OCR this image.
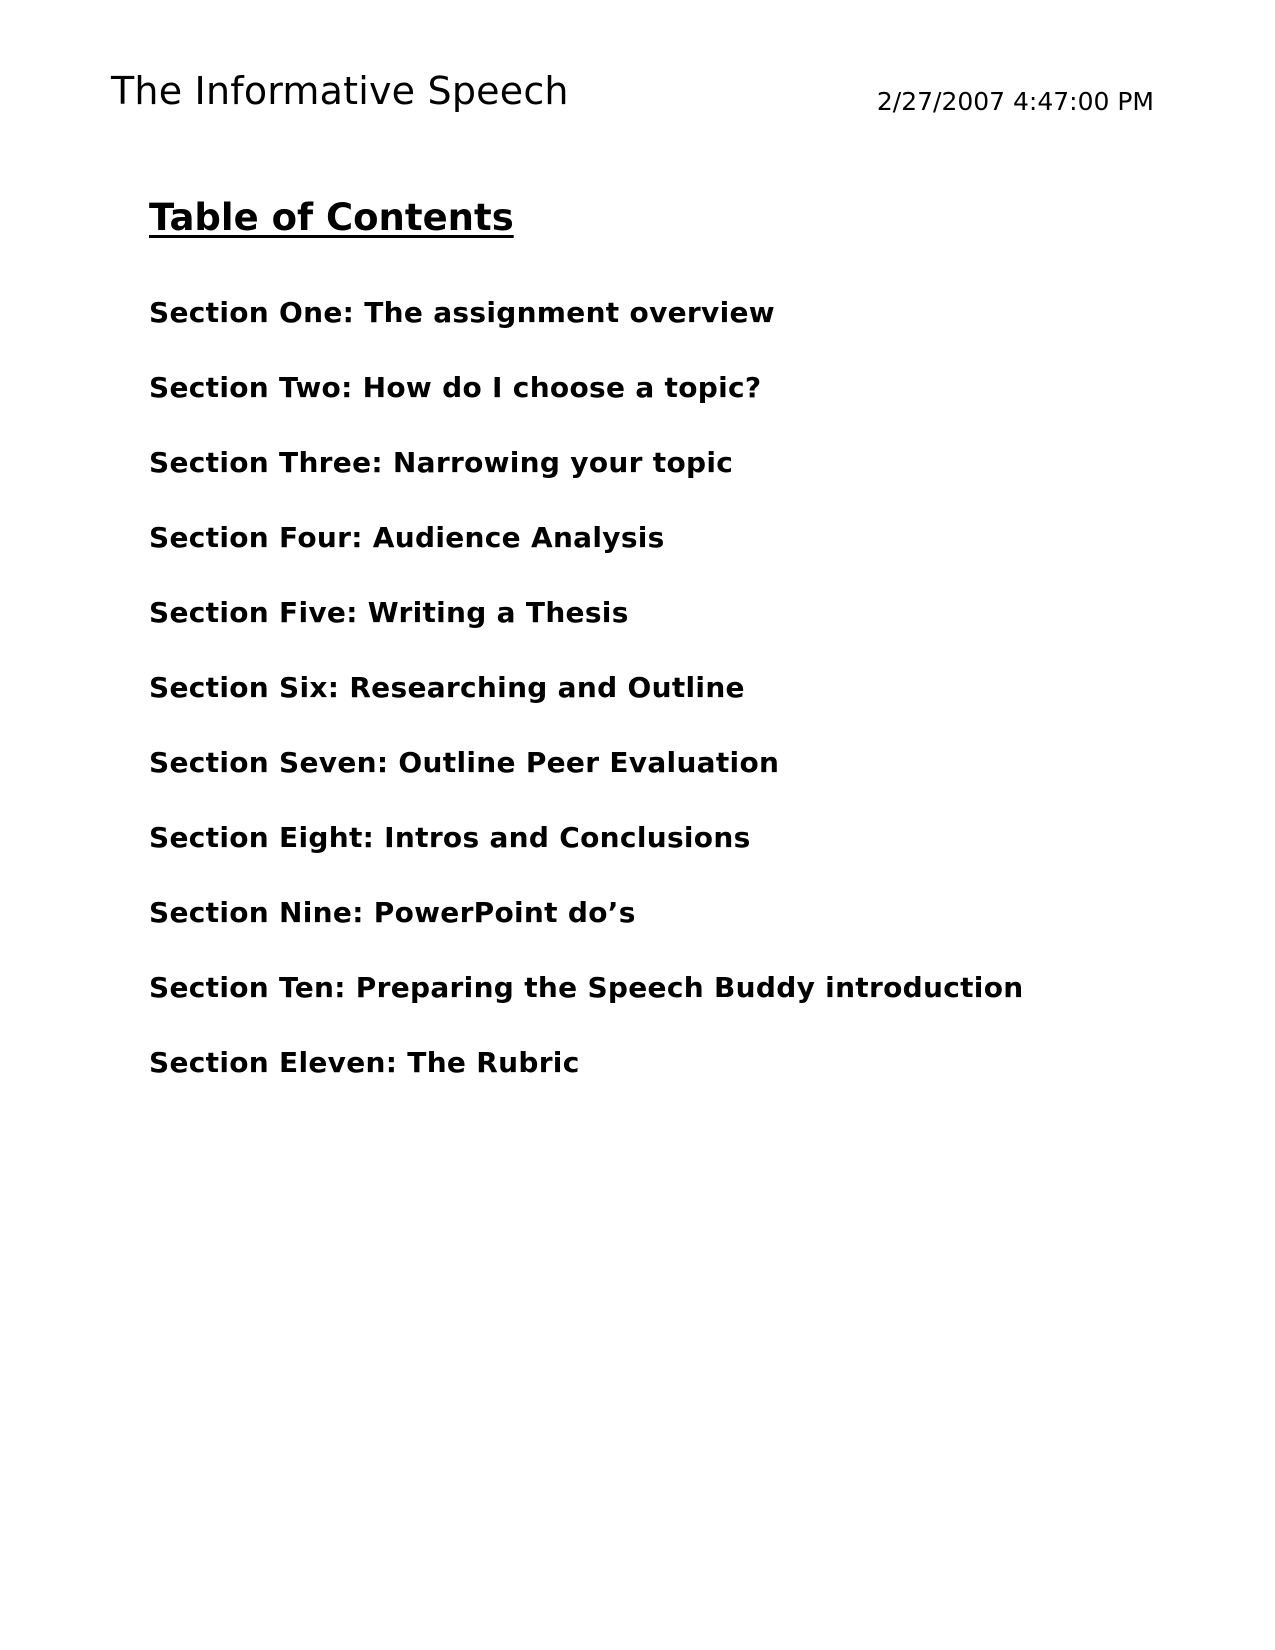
The Informative Speech	2/27/2007 4:47:00 PM
Table of Contents
Section One: The assignment overview
Section Two: How do I choose a topic?
Section Three: Narrowing your topic
Section Four: Audience Analysis
Section Five: Writing a Thesis
Section Six: Researching and Outline
Section Seven: Outline Peer Evaluation
Section Eight: Intros and Conclusions
Section Nine: PowerPoint do’s
Section Ten: Preparing the Speech Buddy introduction
Section Eleven: The Rubric
